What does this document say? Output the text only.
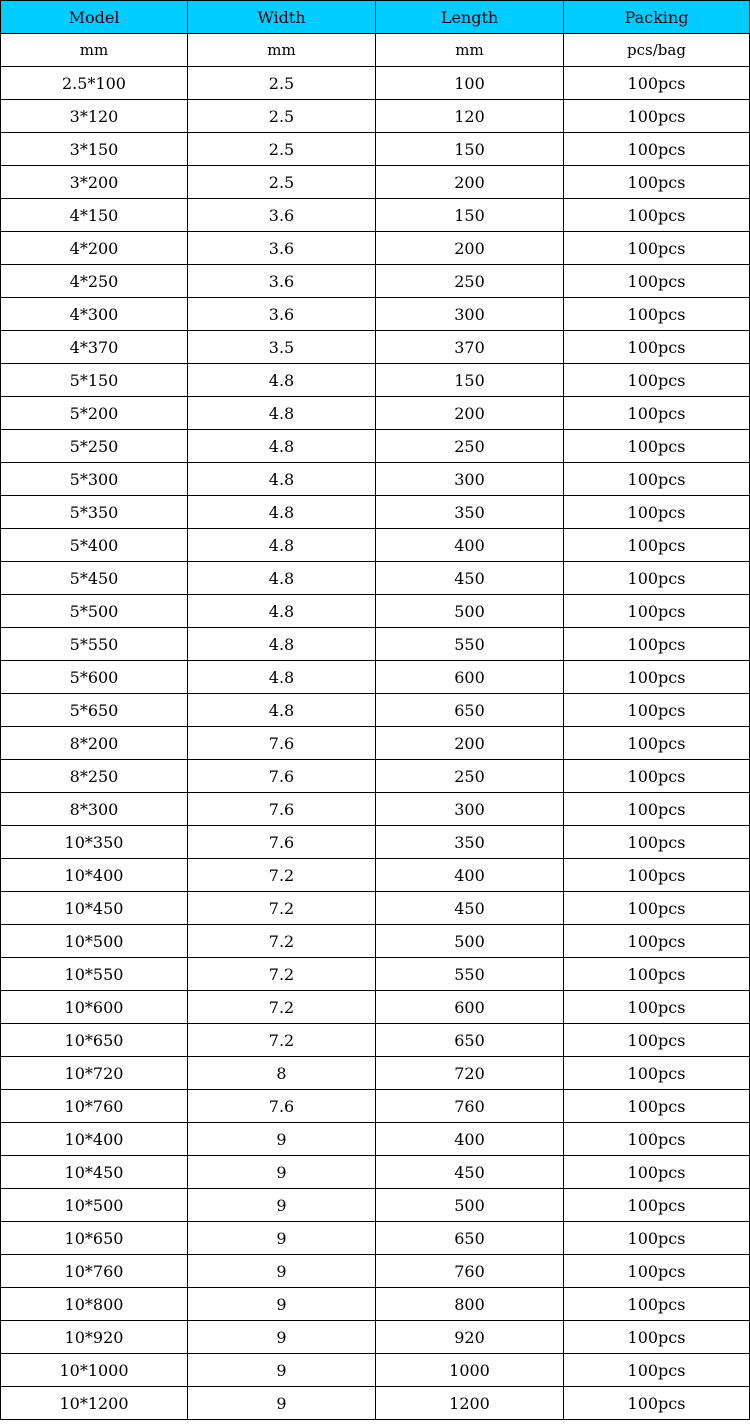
Model	Width	Length	Packing
mm	mm	mm	pcs/bag
2.5*100	2.5	100	100pcs
3*120	2.5	120	100pcs
3*150	2.5	150	100pcs
3*200	2.5	200	100pcs
4*150	3.6	150	100pcs
4*200	3.6	200	100pcs
4*250	3.6	250	100pcs
4*300	3.6	300	100pcs
4*370	3.5	370	100pcs
5*150	4.8	150	100pcs
5*200	4.8	200	100pcs
5*250	4.8	250	100pcs
5*300	4.8	300	100pcs
5*350	4.8	350	100pcs
5*400	4.8	400	100pcs
5*450	4.8	450	100pcs
5*500	4.8	500	100pcs
5*550	4.8	550	100pcs
5*600	4.8	600	100pcs
5*650	4.8	650	100pcs
8*200	7.6	200	100pcs
8*250	7.6	250	100pcs
8*300	7.6	300	100pcs
10*350	7.6	350	100pcs
10*400	7.2	400	100pcs
10*450	7.2	450	100pcs
10*500	7.2	500	100pcs
10*550	7.2	550	100pcs
10*600	7.2	600	100pcs
10*650	7.2	650	100pcs
10*720	8	720	100pcs
10*760	7.6	760	100pcs
10*400	9	400	100pcs
10*450	9	450	100pcs
10*500	9	500	100pcs
10*650	9	650	100pcs
10*760	9	760	100pcs
10*800	9	800	100pcs
10*920	9	920	100pcs
10*1000	9	1000	100pcs
10*1200	9	1200	100pcs
